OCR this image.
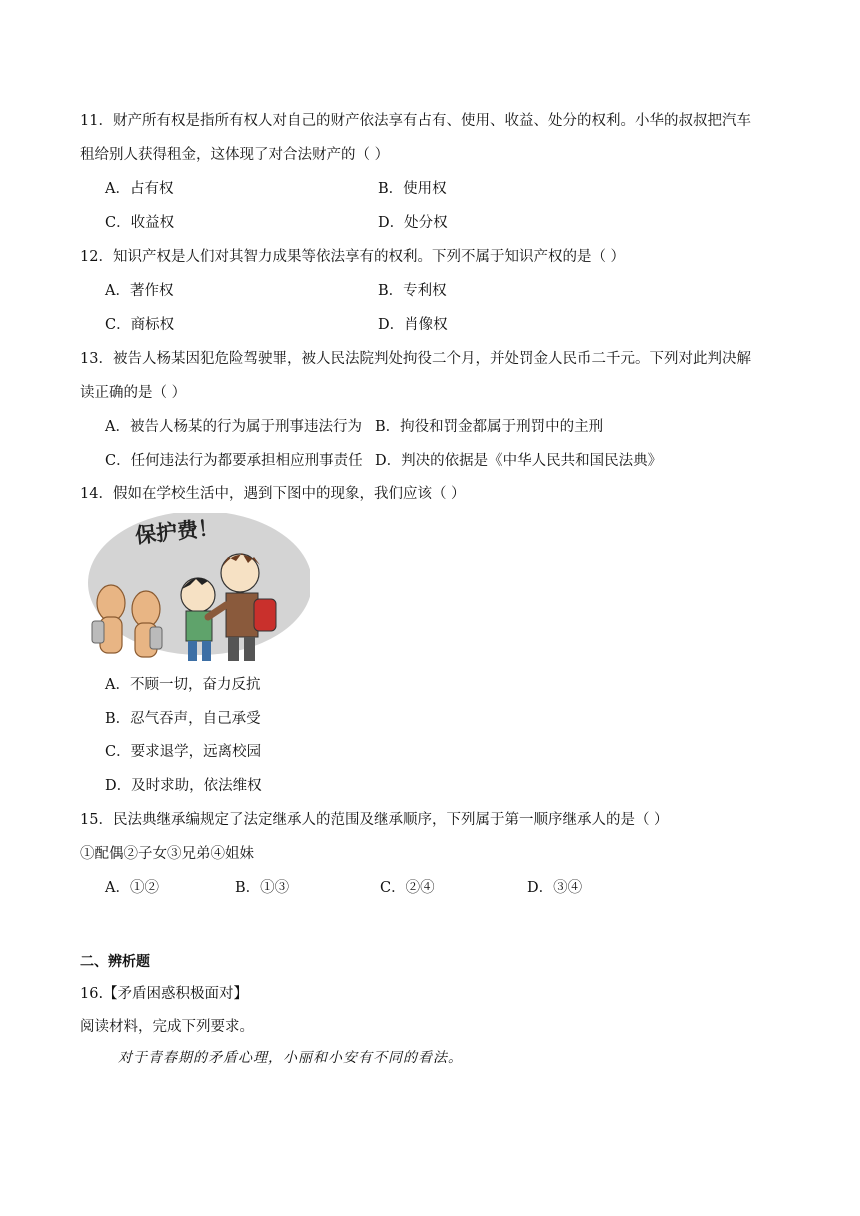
11．财产所有权是指所有权人对自己的财产依法享有占有、使用、收益、处分的权利。小华的叔叔把汽车
租给别人获得租金，这体现了对合法财产的（ ）
A．占有权	B．使用权
C．收益权	D．处分权
12．知识产权是人们对其智力成果等依法享有的权利。下列不属于知识产权的是（ ）
A．著作权	B．专利权
C．商标权	D．肖像权
13．被告人杨某因犯危险驾驶罪，被人民法院判处拘役二个月，并处罚金人民币二千元。下列对此判决解
读正确的是（ ）
A．被告人杨某的行为属于刑事违法行为 B．拘役和罚金都属于刑罚中的主刑
C．任何违法行为都要承担相应刑事责任 D．判决的依据是《中华人民共和国民法典》
14．假如在学校生活中，遇到下图中的现象，我们应该（ ）
保护费！
A．不顾一切，奋力反抗
B．忍气吞声，自己承受
C．要求退学，远离校园
D．及时求助，依法维权
15．民法典继承编规定了法定继承人的范围及继承顺序，下列属于第一顺序继承人的是（ ）
①配偶②子女③兄弟④姐妹
A．①②	B．①③	C．②④	D．③④
二、辨析题
16.【矛盾困惑积极面对】
阅读材料，完成下列要求。
对于青春期的矛盾心理，小丽和小安有不同的看法。
